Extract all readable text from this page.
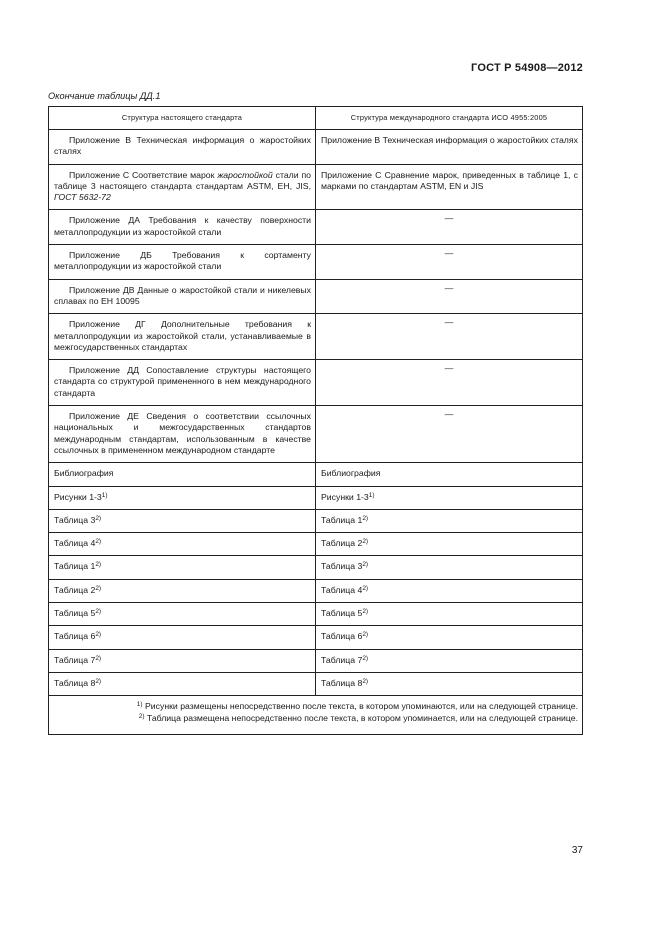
ГОСТ Р 54908—2012
Окончание таблицы ДД.1
Структура настоящего стандарта	Структура международного стандарта ИСО 4955:2005
Приложение В Техническая информация о жаростойких сталях	Приложение В Техническая информация о жаростойких сталях
Приложение С Соответствие марок жаростойкой стали по таблице 3 настоящего стандарта стандартам ASTM, EH, JIS, ГОСТ 5632-72	Приложение С Сравнение марок, приведенных в таблице 1, с марками по стандартам ASTM, EN и JIS
Приложение ДА Требования к качеству поверхности металлопродукции из жаростойкой стали	—
Приложение ДБ Требования к сортаменту металлопродукции из жаростойкой стали	—
Приложение ДВ Данные о жаростойкой стали и никелевых сплавах по ЕН 10095	—
Приложение ДГ Дополнительные требования к металлопродукции из жаростойкой стали, устанавливаемые в межгосударственных стандартах	—
Приложение ДД Сопоставление структуры настоящего стандарта со структурой примененного в нем международного стандарта	—
Приложение ДЕ Сведения о соответствии ссылочных национальных и межгосударственных стандартов международным стандартам, использованным в качестве ссылочных в примененном международном стандарте	—
Библиография	Библиография
Рисунки 1-3$^{1)}$	Рисунки 1-3$^{1)}$
Таблица 3$^{2)}$	Таблица 1$^{2)}$
Таблица 4$^{2)}$	Таблица 2$^{2)}$
Таблица 1$^{2)}$	Таблица 3$^{2)}$
Таблица 2$^{2)}$	Таблица 4$^{2)}$
Таблица 5$^{2)}$	Таблица 5$^{2)}$
Таблица 6$^{2)}$	Таблица 6$^{2)}$
Таблица 7$^{2)}$	Таблица 7$^{2)}$
Таблица 8$^{2)}$	Таблица 8$^{2)}$

$^{1)}$ Рисунки размещены непосредственно после текста, в котором упоминаются, или на следующей странице.
$^{2)}$ Таблица размещена непосредственно после текста, в котором упоминается, или на следующей странице.	
37
